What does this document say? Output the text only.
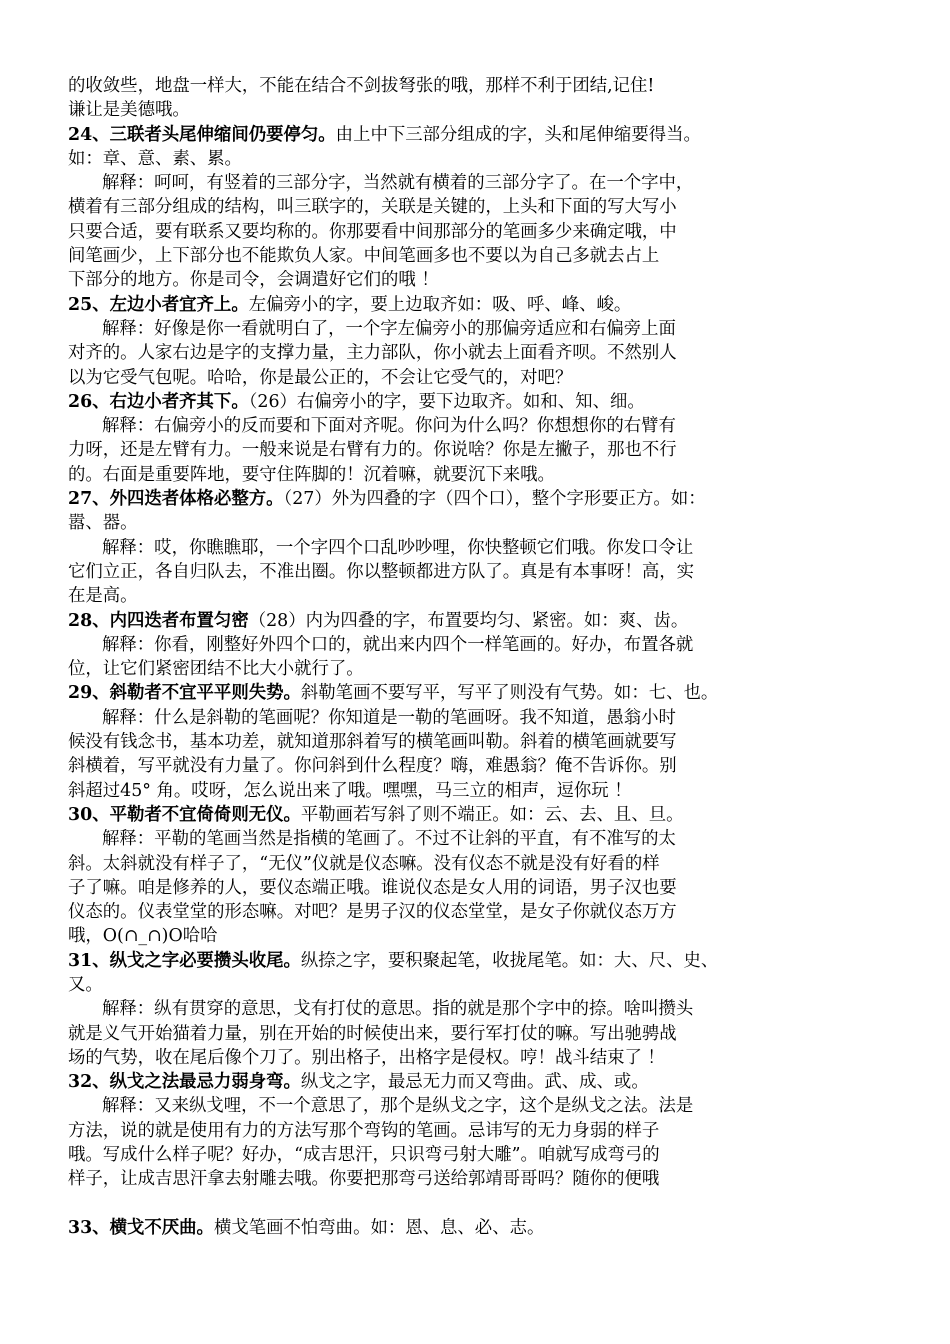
的收敛些，地盘一样大，不能在结合不剑拔弩张的哦，那样不利于团结,记住!
谦让是美德哦。
24、三联者头尾伸缩间仍要停匀。由上中下三部分组成的字，头和尾伸缩要得当。
如：章、意、素、累。
解释：呵呵，有竖着的三部分字，当然就有横着的三部分字了。在一个字中，
横着有三部分组成的结构，叫三联字的，关联是关键的，上头和下面的写大写小
只要合适，要有联系又要均称的。你那要看中间那部分的笔画多少来确定哦，中
间笔画少，上下部分也不能欺负人家。中间笔画多也不要以为自己多就去占上
下部分的地方。你是司令，会调遣好它们的哦 ！
25、左边小者宜齐上。左偏旁小的字，要上边取齐如：吸、呼、峰、峻。
解释：好像是你一看就明白了，一个字左偏旁小的那偏旁适应和右偏旁上面
对齐的。人家右边是字的支撑力量，主力部队，你小就去上面看齐呗。不然别人
以为它受气包呢。哈哈，你是最公正的，不会让它受气的，对吧？
26、右边小者齐其下。（26）右偏旁小的字，要下边取齐。如和、知、细。
解释：右偏旁小的反而要和下面对齐呢。你问为什么吗？你想想你的右臂有
力呀，还是左臂有力。一般来说是右臂有力的。你说啥？你是左撇子，那也不行
的。右面是重要阵地，要守住阵脚的！沉着嘛，就要沉下来哦。
27、外四迭者体格必整方。（27）外为四叠的字（四个口），整个字形要正方。如：
嚣、器。
解释：哎，你瞧瞧耶，一个字四个口乱吵吵哩，你快整顿它们哦。你发口令让
它们立正，各自归队去，不准出圈。你以整顿都进方队了。真是有本事呀！高，实
在是高。
28、内四迭者布置匀密（28）内为四叠的字，布置要均匀、紧密。如：爽、齿。
解释：你看，刚整好外四个口的，就出来内四个一样笔画的。好办，布置各就
位，让它们紧密团结不比大小就行了。
29、斜勒者不宜平平则失势。斜勒笔画不要写平，写平了则没有气势。如：七、也。
解释：什么是斜勒的笔画呢？你知道是一勒的笔画呀。我不知道，愚翁小时
候没有钱念书，基本功差，就知道那斜着写的横笔画叫勒。斜着的横笔画就要写
斜横着，写平就没有力量了。你问斜到什么程度？嗨，难愚翁？俺不告诉你。别
斜超过45° 角。哎呀，怎么说出来了哦。嘿嘿，马三立的相声，逗你玩 ！
30、平勒者不宜倚倚则无仪。平勒画若写斜了则不端正。如：云、去、且、旦。
解释：平勒的笔画当然是指横的笔画了。不过不让斜的平直，有不准写的太
斜。太斜就没有样子了，“无仪”仪就是仪态嘛。没有仪态不就是没有好看的样
子了嘛。咱是修养的人，要仪态端正哦。谁说仪态是女人用的词语，男子汉也要
仪态的。仪表堂堂的形态嘛。对吧？是男子汉的仪态堂堂，是女子你就仪态万方
哦，O(∩_∩)O哈哈
31、纵戈之字必要攒头收尾。纵捺之字，要积聚起笔，收拢尾笔。如：大、尺、史、
又。
解释：纵有贯穿的意思，戈有打仗的意思。指的就是那个字中的捺。啥叫攒头
就是义气开始猫着力量，别在开始的时候使出来，要行军打仗的嘛。写出驰骋战
场的气势，收在尾后像个刀了。别出格子，出格字是侵权。哼！战斗结束了 ！
32、纵戈之法最忌力弱身弯。纵戈之字，最忌无力而又弯曲。武、成、或。
解释：又来纵戈哩，不一个意思了，那个是纵戈之字，这个是纵戈之法。法是
方法，说的就是使用有力的方法写那个弯钩的笔画。忌讳写的无力身弱的样子
哦。写成什么样子呢？好办，“成吉思汗，只识弯弓射大雕”。咱就写成弯弓的
样子，让成吉思汗拿去射雕去哦。你要把那弯弓送给郭靖哥哥吗？随你的便哦
33、横戈不厌曲。横戈笔画不怕弯曲。如：恩、息、必、志。
